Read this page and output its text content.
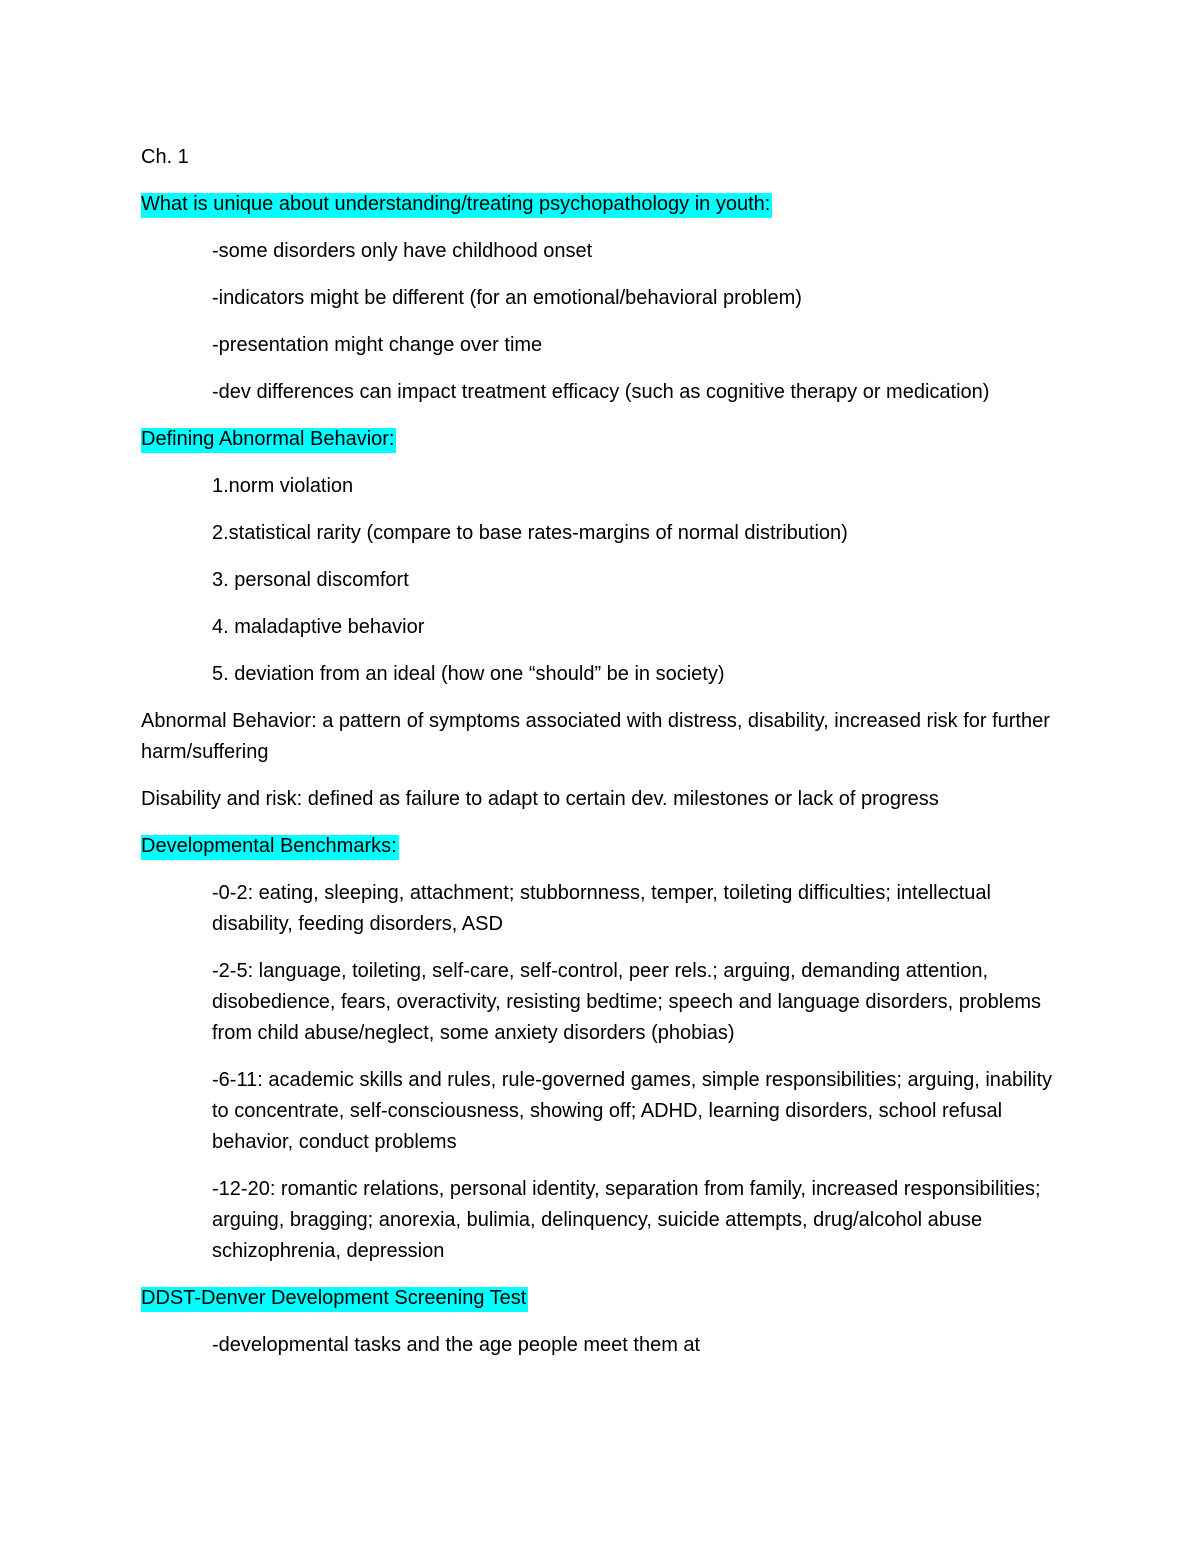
Ch. 1

What is unique about understanding/treating psychopathology in youth:

-some disorders only have childhood onset

-indicators might be different (for an emotional/behavioral problem)

-presentation might change over time

-dev differences can impact treatment efficacy (such as cognitive therapy or medication)

Defining Abnormal Behavior:

1.norm violation

2.statistical rarity (compare to base rates-margins of normal distribution)

3. personal discomfort

4. maladaptive behavior

5. deviation from an ideal (how one “should” be in society)

Abnormal Behavior: a pattern of symptoms associated with distress, disability, increased risk for further harm/suffering

Disability and risk: defined as failure to adapt to certain dev. milestones or lack of progress

Developmental Benchmarks:

-0-2: eating, sleeping, attachment; stubbornness, temper, toileting difficulties; intellectual disability, feeding disorders, ASD

-2-5: language, toileting, self-care, self-control, peer rels.; arguing, demanding attention, disobedience, fears, overactivity, resisting bedtime; speech and language disorders, problems from child abuse/neglect, some anxiety disorders (phobias)

-6-11: academic skills and rules, rule-governed games, simple responsibilities; arguing, inability to concentrate, self-consciousness, showing off; ADHD, learning disorders, school refusal behavior, conduct problems

-12-20: romantic relations, personal identity, separation from family, increased responsibilities; arguing, bragging; anorexia, bulimia, delinquency, suicide attempts, drug/alcohol abuse schizophrenia, depression

DDST-Denver Development Screening Test

-developmental tasks and the age people meet them at
